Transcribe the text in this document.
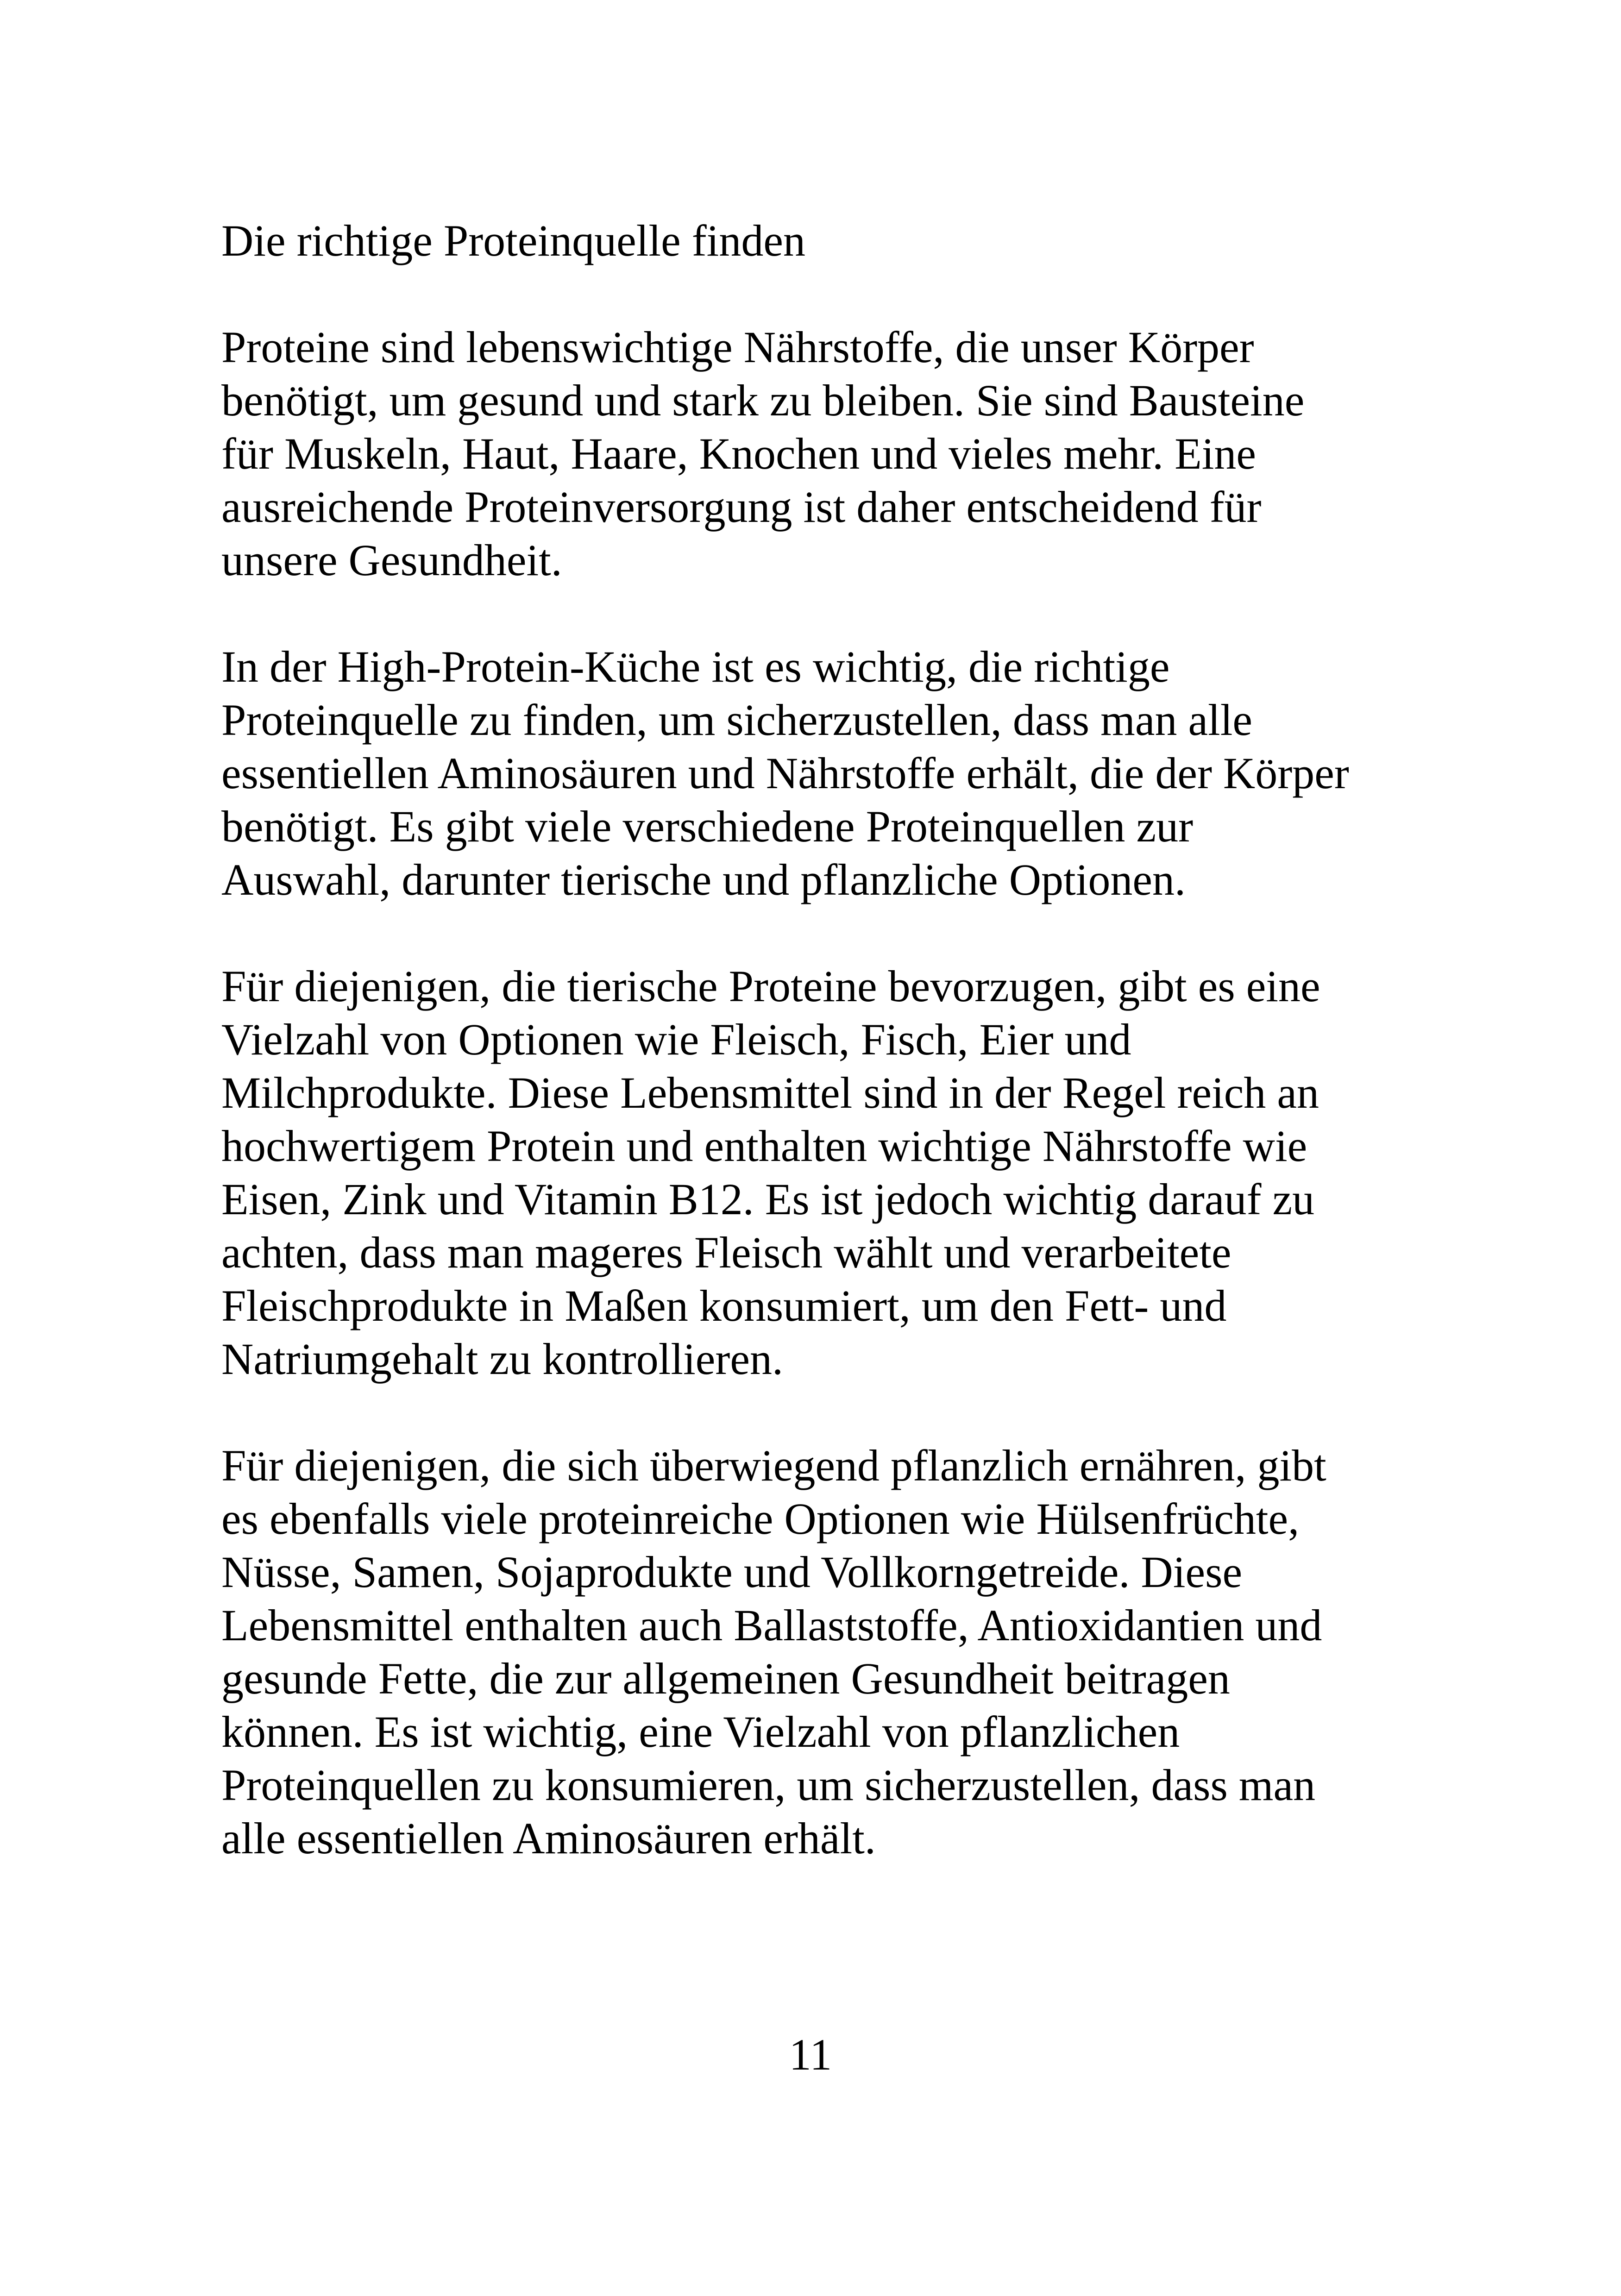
Die richtige Proteinquelle finden
Proteine sind lebenswichtige Nährstoffe, die unser Körper
benötigt, um gesund und stark zu bleiben. Sie sind Bausteine
für Muskeln, Haut, Haare, Knochen und vieles mehr. Eine
ausreichende Proteinversorgung ist daher entscheidend für
unsere Gesundheit.
In der High-Protein-Küche ist es wichtig, die richtige
Proteinquelle zu finden, um sicherzustellen, dass man alle
essentiellen Aminosäuren und Nährstoffe erhält, die der Körper
benötigt. Es gibt viele verschiedene Proteinquellen zur
Auswahl, darunter tierische und pflanzliche Optionen.
Für diejenigen, die tierische Proteine bevorzugen, gibt es eine
Vielzahl von Optionen wie Fleisch, Fisch, Eier und
Milchprodukte. Diese Lebensmittel sind in der Regel reich an
hochwertigem Protein und enthalten wichtige Nährstoffe wie
Eisen, Zink und Vitamin B12. Es ist jedoch wichtig darauf zu
achten, dass man mageres Fleisch wählt und verarbeitete
Fleischprodukte in Maßen konsumiert, um den Fett- und
Natriumgehalt zu kontrollieren.
Für diejenigen, die sich überwiegend pflanzlich ernähren, gibt
es ebenfalls viele proteinreiche Optionen wie Hülsenfrüchte,
Nüsse, Samen, Sojaprodukte und Vollkorngetreide. Diese
Lebensmittel enthalten auch Ballaststoffe, Antioxidantien und
gesunde Fette, die zur allgemeinen Gesundheit beitragen
können. Es ist wichtig, eine Vielzahl von pflanzlichen
Proteinquellen zu konsumieren, um sicherzustellen, dass man
alle essentiellen Aminosäuren erhält.
11
